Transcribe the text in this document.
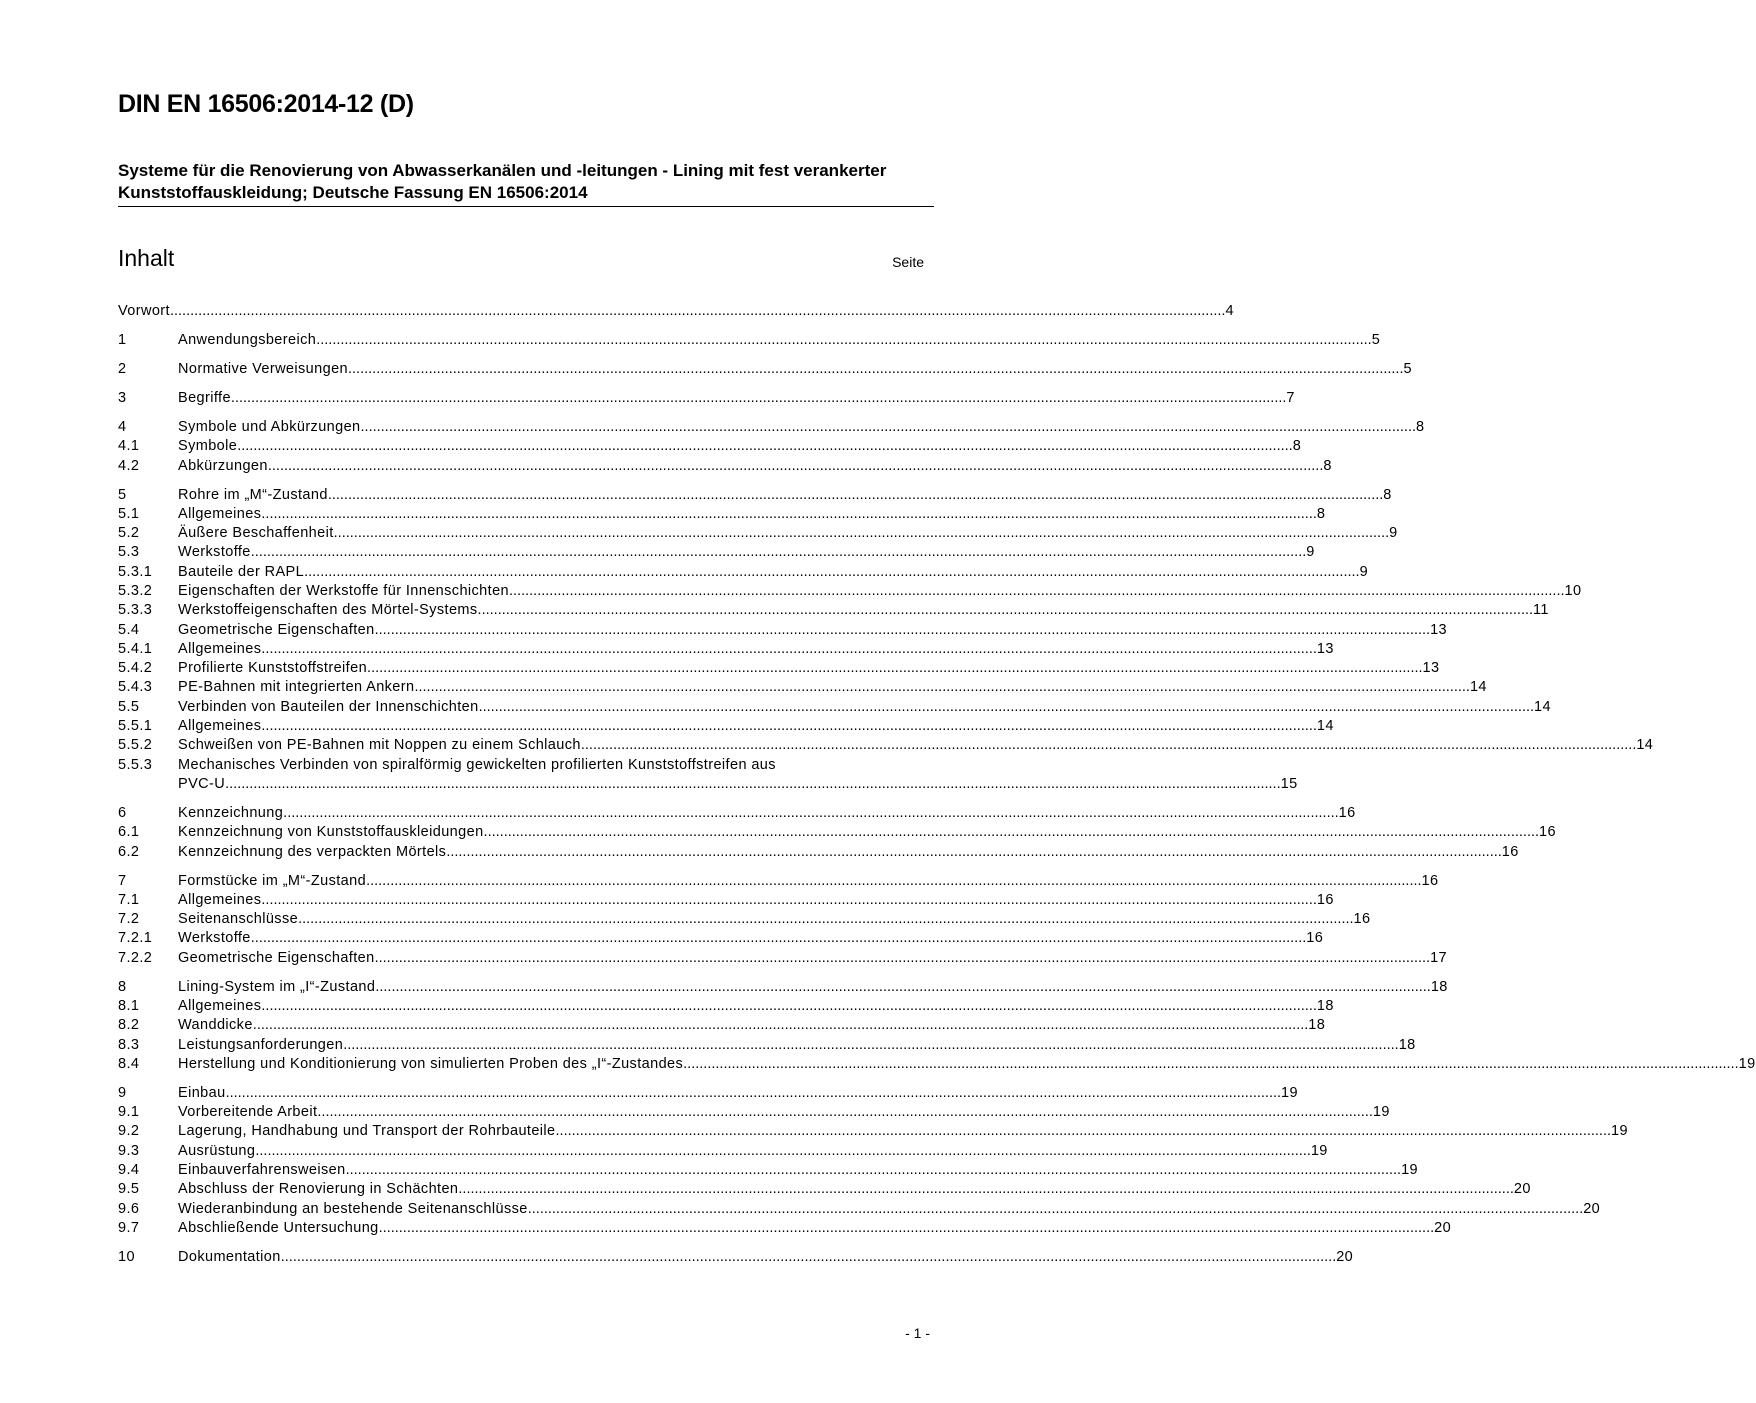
DIN EN 16506:2014-12 (D)
Systeme für die Renovierung von Abwasserkanälen und -leitungen - Lining mit fest verankerter Kunststoffauskleidung; Deutsche Fassung EN 16506:2014
Inhalt	Seite
Vorwort .....	4
1	Anwendungsbereich .....	5
2	Normative Verweisungen .....	5
3	Begriffe .....	7
4	Symbole und Abkürzungen .....	8
4.1	Symbole .....	8
4.2	Abkürzungen .....	8
5	Rohre im „M“-Zustand .....	8
5.1	Allgemeines .....	8
5.2	Äußere Beschaffenheit .....	9
5.3	Werkstoffe .....	9
5.3.1	Bauteile der RAPL .....	9
5.3.2	Eigenschaften der Werkstoffe für Innenschichten .....	10
5.3.3	Werkstoffeigenschaften des Mörtel-Systems .....	11
5.4	Geometrische Eigenschaften .....	13
5.4.1	Allgemeines .....	13
5.4.2	Profilierte Kunststoffstreifen .....	13
5.4.3	PE-Bahnen mit integrierten Ankern .....	14
5.5	Verbinden von Bauteilen der Innenschichten .....	14
5.5.1	Allgemeines .....	14
5.5.2	Schweißen von PE-Bahnen mit Noppen zu einem Schlauch .....	14
5.5.3	Mechanisches Verbinden von spiralförmig gewickelten profilierten Kunststoffstreifen aus
PVC-U .....	15
6	Kennzeichnung .....	16
6.1	Kennzeichnung von Kunststoffauskleidungen .....	16
6.2	Kennzeichnung des verpackten Mörtels .....	16
7	Formstücke im „M“-Zustand .....	16
7.1	Allgemeines .....	16
7.2	Seitenanschlüsse .....	16
7.2.1	Werkstoffe .....	16
7.2.2	Geometrische Eigenschaften .....	17
8	Lining-System im „I“-Zustand .....	18
8.1	Allgemeines .....	18
8.2	Wanddicke .....	18
8.3	Leistungsanforderungen .....	18
8.4	Herstellung und Konditionierung von simulierten Proben des „I“-Zustandes .....	19
9	Einbau .....	19
9.1	Vorbereitende Arbeit .....	19
9.2	Lagerung, Handhabung und Transport der Rohrbauteile .....	19
9.3	Ausrüstung .....	19
9.4	Einbauverfahrensweisen .....	19
9.5	Abschluss der Renovierung in Schächten .....	20
9.6	Wiederanbindung an bestehende Seitenanschlüsse .....	20
9.7	Abschließende Untersuchung .....	20
10	Dokumentation .....	20
- 1 -
